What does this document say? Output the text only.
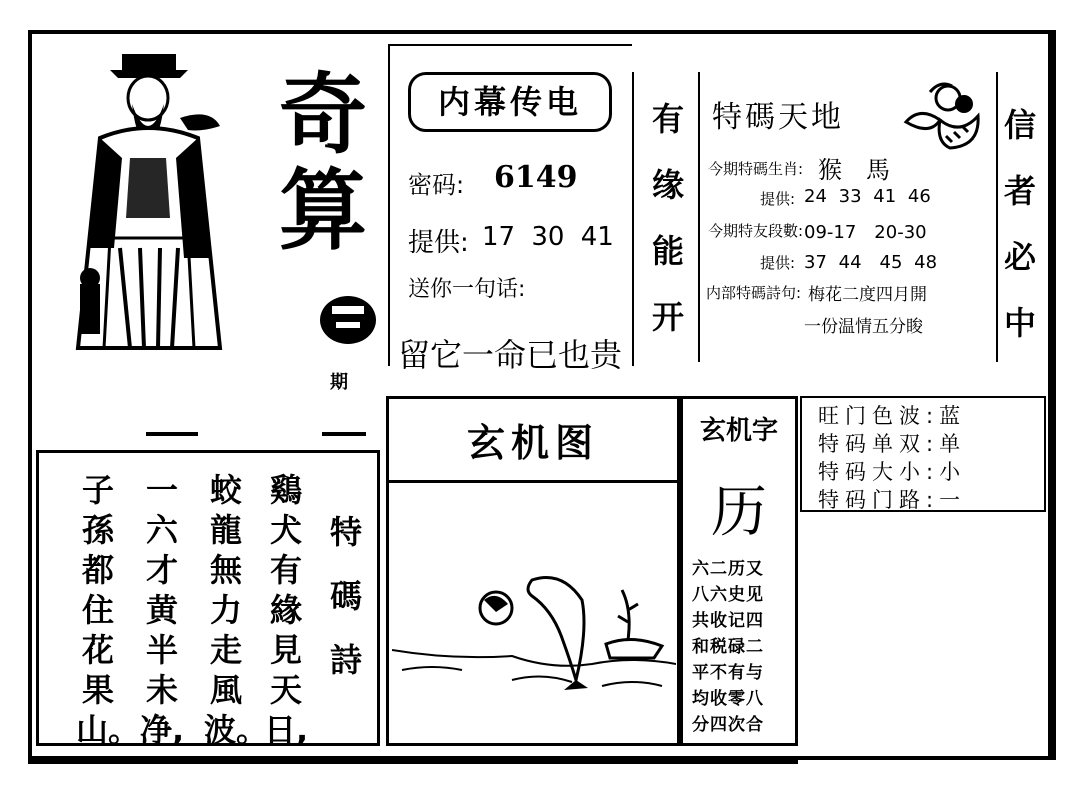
奇
算
期
内幕传电
密码: 6149
提供: 17 30 41
送你一句话:
留它一命已也贵
有
缘
能
开
特碼天地
今期特碼生肖: 猴　馬
提供: 24 33 41 46
今期特友段數: 09-17　20-30
提供: 37 44　45 48
内部特碼詩句: 梅花二度四月開
一份温情五分睃
信
者
必
中
旺门色波:蓝
特码单双:单
特码大小:小
特码门路:一
玄机图	玄机字
历
六二历又
八六史见
共收记四
和税碌二
平不有与
均收零八
分四次合
特
碼
詩
鷄犬有緣見天日,
蛟龍無力走風波。
一六才黄半未净,
子孫都住花果山。
